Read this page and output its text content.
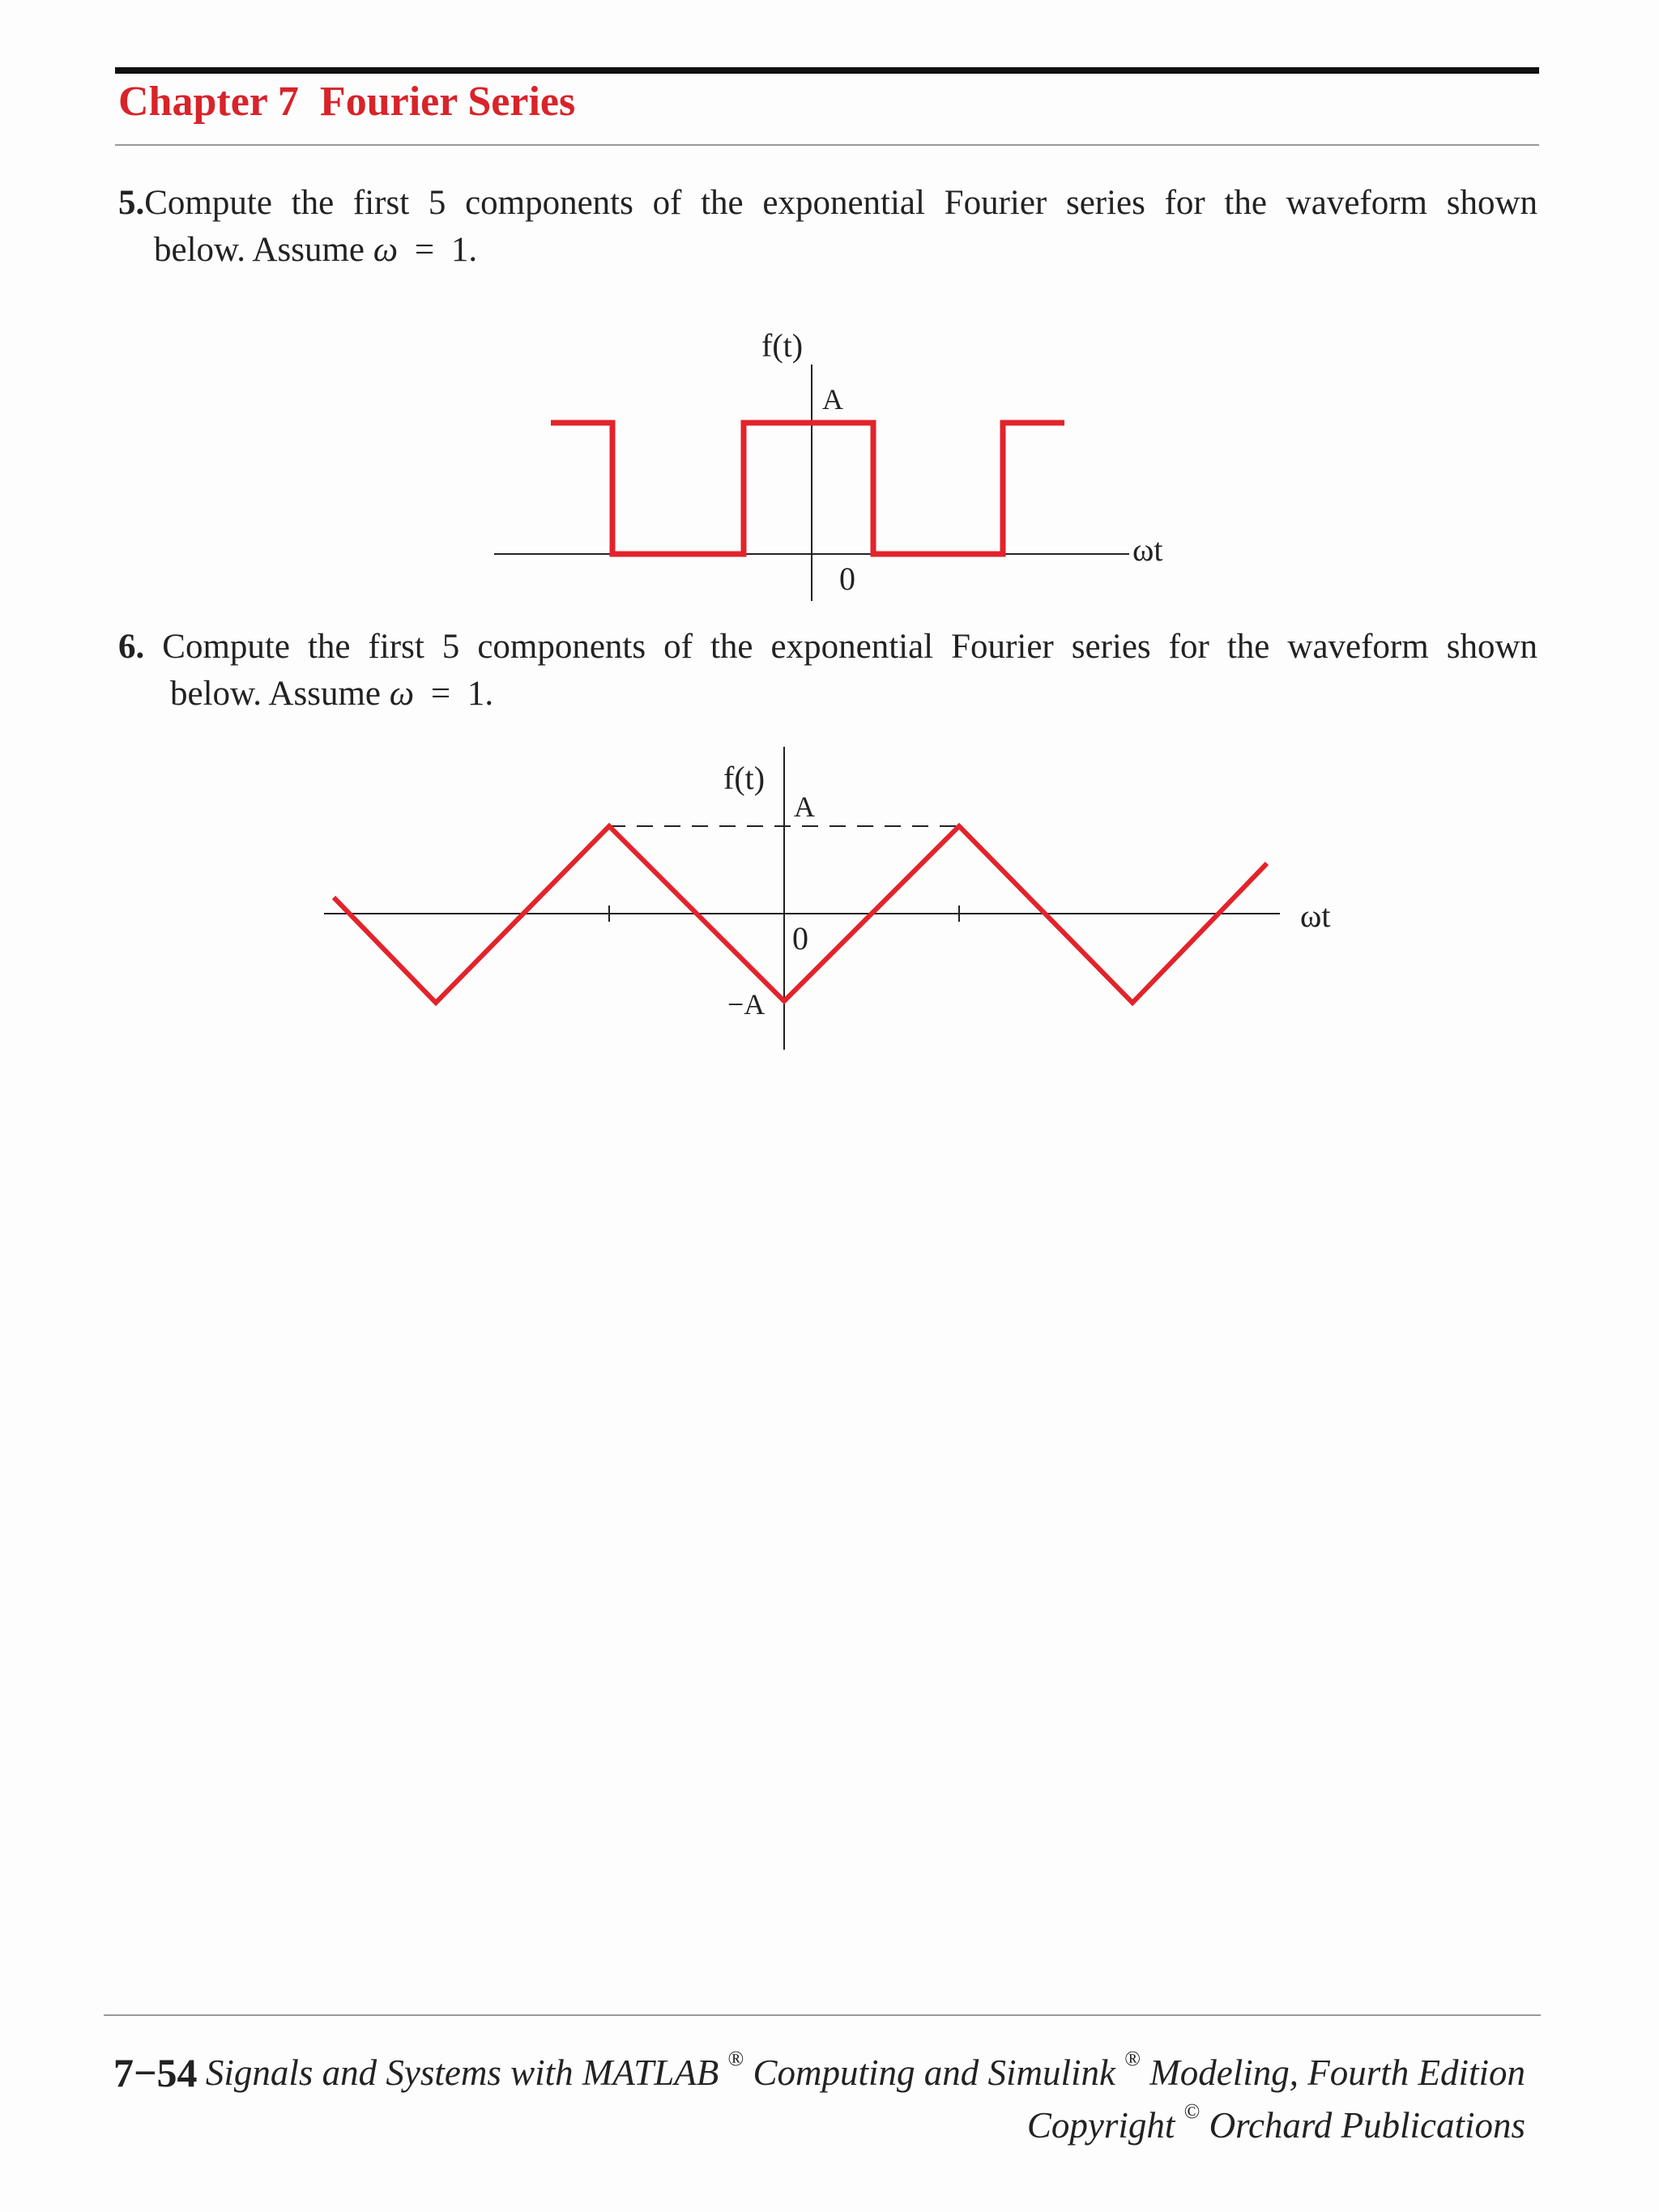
Chapter 7  Fourier Series
5.Compute the first 5 components of the exponential Fourier series for the waveform shown
below. Assume ω = 1.
f(t)
A
0
ωt
6. Compute the first 5 components of the exponential Fourier series for the waveform shown
below. Assume ω = 1.
f(t)
A
0
−A
ωt
7−54 Signals and Systems with MATLAB ® Computing and Simulink ® Modeling, Fourth Edition
Copyright © Orchard Publications
